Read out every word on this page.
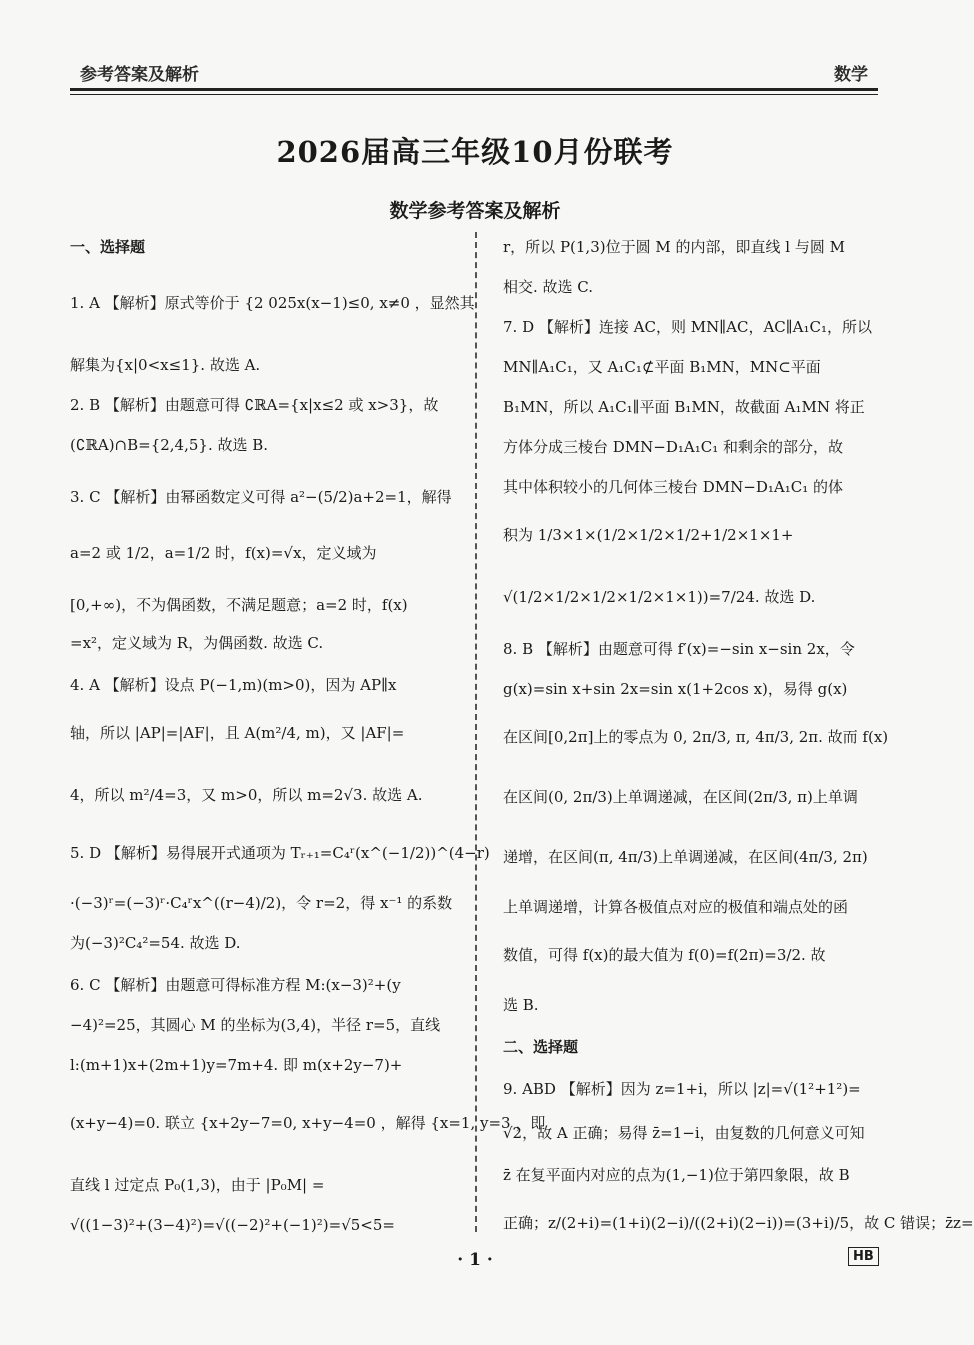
参考答案及解析	数学
2026届高三年级10月份联考
数学参考答案及解析
一、选择题
1. A 【解析】原式等价于 {2 025x(x−1)≤0, x≠0 ，显然其
解集为{x|0<x≤1}. 故选 A.
2. B 【解析】由题意可得 ∁ℝA={x|x≤2 或 x>3}，故
(∁ℝA)∩B={2,4,5}. 故选 B.
3. C 【解析】由幂函数定义可得 a²−(5/2)a+2=1，解得
a=2 或 1/2，a=1/2 时，f(x)=√x，定义域为
[0,+∞)，不为偶函数，不满足题意；a=2 时，f(x)
=x²，定义域为 R，为偶函数. 故选 C.
4. A 【解析】设点 P(−1,m)(m>0)，因为 AP∥x
轴，所以 |AP|=|AF|，且 A(m²/4, m)，又 |AF|=
4，所以 m²/4=3，又 m>0，所以 m=2√3. 故选 A.
5. D 【解析】易得展开式通项为 Tᵣ₊₁=C₄ʳ(x^(−1/2))^(4−r)
·(−3)ʳ=(−3)ʳ·C₄ʳx^((r−4)/2)，令 r=2，得 x⁻¹ 的系数
为(−3)²C₄²=54. 故选 D.
6. C 【解析】由题意可得标准方程 M:(x−3)²+(y
−4)²=25，其圆心 M 的坐标为(3,4)，半径 r=5，直线
l:(m+1)x+(2m+1)y=7m+4. 即 m(x+2y−7)+
(x+y−4)=0. 联立 {x+2y−7=0, x+y−4=0 ，解得 {x=1, y=3 ，即
直线 l 过定点 P₀(1,3)，由于 |P₀M| =
√((1−3)²+(3−4)²)=√((−2)²+(−1)²)=√5<5=
r，所以 P(1,3)位于圆 M 的内部，即直线 l 与圆 M
相交. 故选 C.
7. D 【解析】连接 AC，则 MN∥AC，AC∥A₁C₁，所以
MN∥A₁C₁，又 A₁C₁⊄平面 B₁MN，MN⊂平面
B₁MN，所以 A₁C₁∥平面 B₁MN，故截面 A₁MN 将正
方体分成三棱台 DMN−D₁A₁C₁ 和剩余的部分，故
其中体积较小的几何体三棱台 DMN−D₁A₁C₁ 的体
积为 1/3×1×(1/2×1/2×1/2+1/2×1×1+
√(1/2×1/2×1/2×1/2×1×1))=7/24. 故选 D.
8. B 【解析】由题意可得 f′(x)=−sin x−sin 2x，令
g(x)=sin x+sin 2x=sin x(1+2cos x)，易得 g(x)
在区间[0,2π]上的零点为 0, 2π/3, π, 4π/3, 2π. 故而 f(x)
在区间(0, 2π/3)上单调递减，在区间(2π/3, π)上单调
递增，在区间(π, 4π/3)上单调递减，在区间(4π/3, 2π)
上单调递增，计算各极值点对应的极值和端点处的函
数值，可得 f(x)的最大值为 f(0)=f(2π)=3/2. 故
选 B.
二、选择题
9. ABD 【解析】因为 z=1+i，所以 |z|=√(1²+1²)=
√2，故 A 正确；易得 z̄=1−i，由复数的几何意义可知
z̄ 在复平面内对应的点为(1,−1)位于第四象限，故 B
正确；z/(2+i)=(1+i)(2−i)/((2+i)(2−i))=(3+i)/5，故 C 错误；z̄z=
· 1 ·	HB
